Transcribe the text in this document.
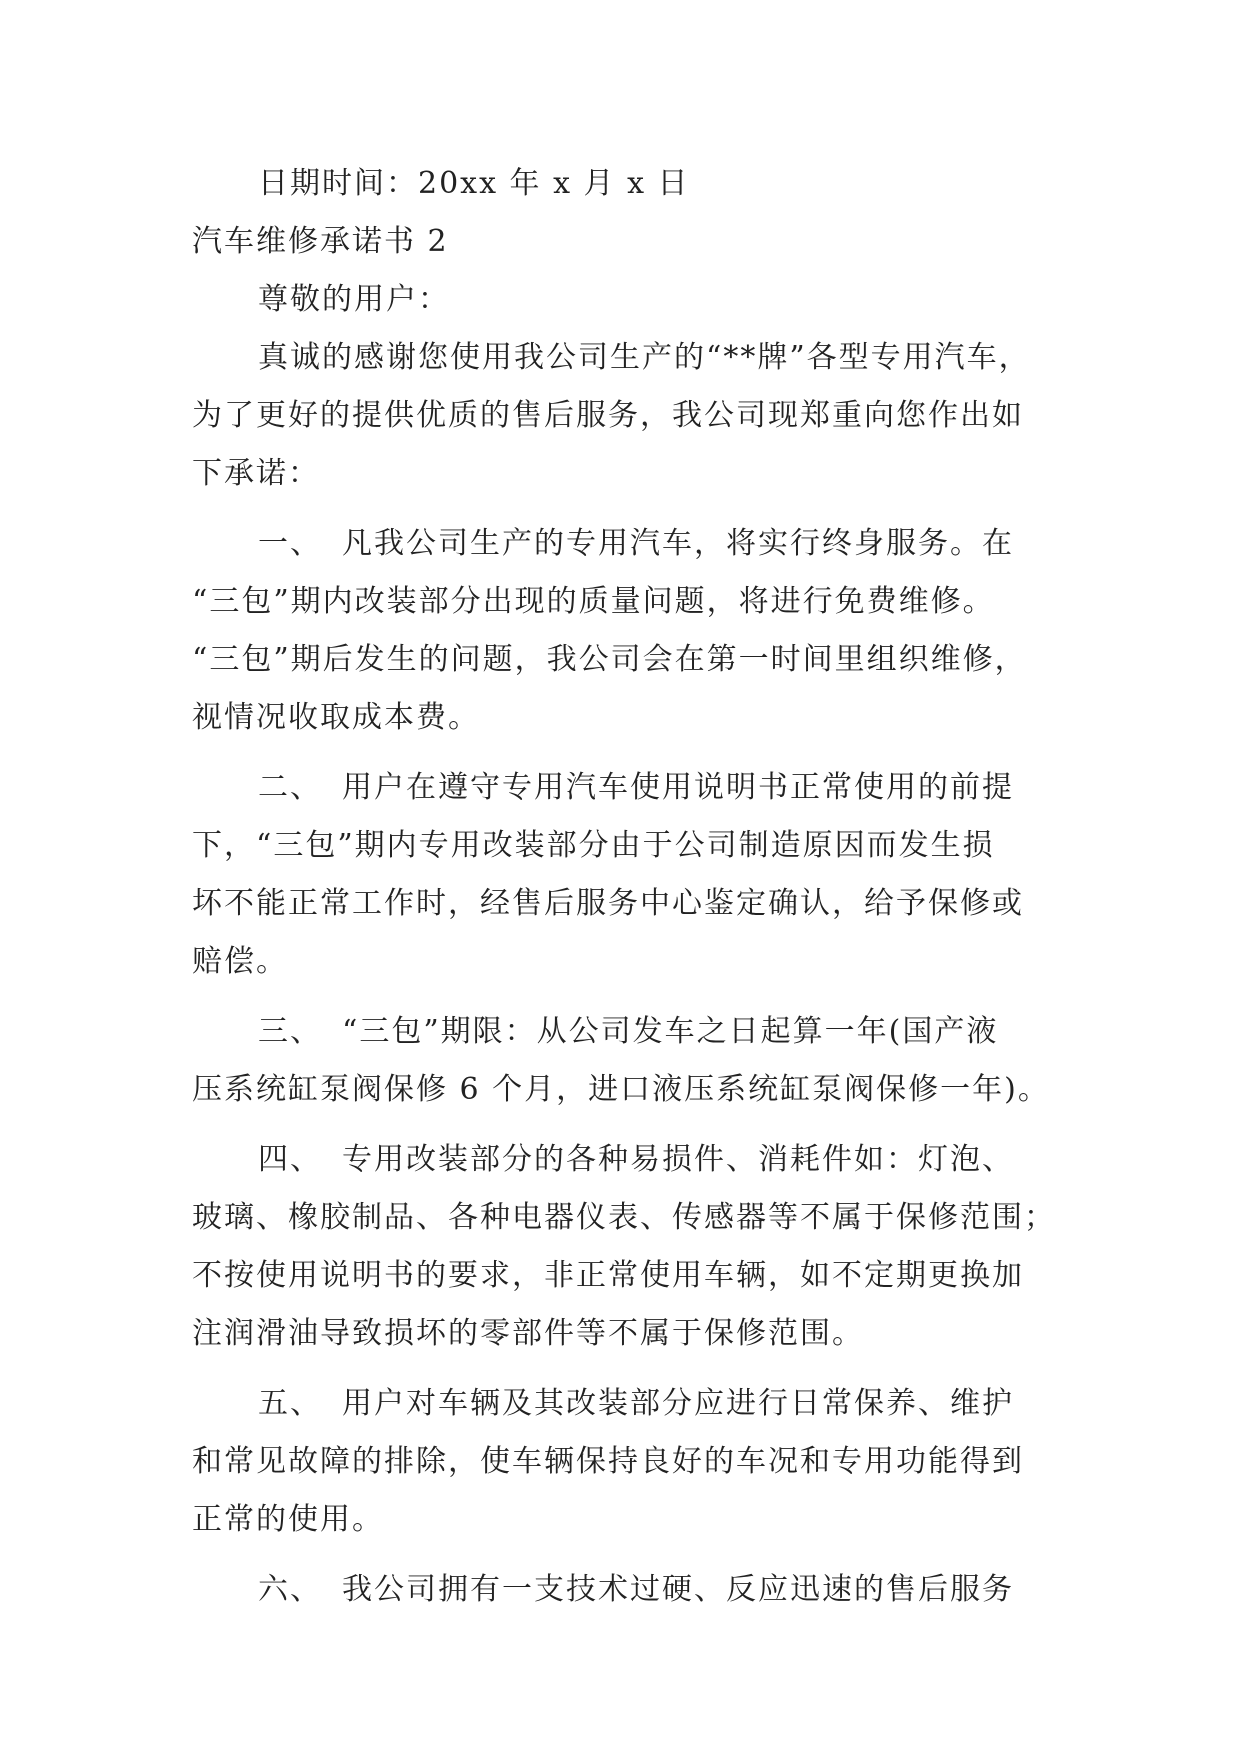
日期时间：20xx 年 x 月 x 日
汽车维修承诺书 2
尊敬的用户：
真诚的感谢您使用我公司生产的“**牌”各型专用汽车，
为了更好的提供优质的售后服务，我公司现郑重向您作出如
下承诺：
一、 凡我公司生产的专用汽车，将实行终身服务。在
“三包”期内改装部分出现的质量问题，将进行免费维修。
“三包”期后发生的问题，我公司会在第一时间里组织维修，
视情况收取成本费。
二、 用户在遵守专用汽车使用说明书正常使用的前提
下，“三包”期内专用改装部分由于公司制造原因而发生损
坏不能正常工作时，经售后服务中心鉴定确认，给予保修或
赔偿。
三、 “三包”期限：从公司发车之日起算一年(国产液
压系统缸泵阀保修 6 个月，进口液压系统缸泵阀保修一年)。
四、 专用改装部分的各种易损件、消耗件如：灯泡、
玻璃、橡胶制品、各种电器仪表、传感器等不属于保修范围；
不按使用说明书的要求，非正常使用车辆，如不定期更换加
注润滑油导致损坏的零部件等不属于保修范围。
五、 用户对车辆及其改装部分应进行日常保养、维护
和常见故障的排除，使车辆保持良好的车况和专用功能得到
正常的使用。
六、 我公司拥有一支技术过硬、反应迅速的售后服务
